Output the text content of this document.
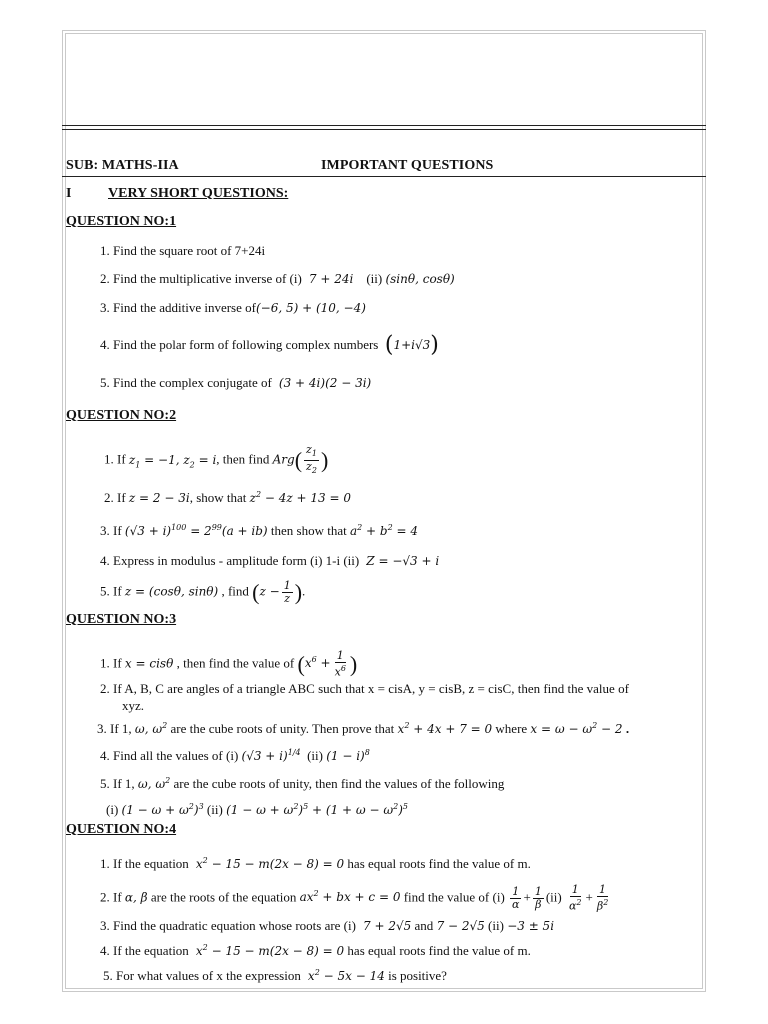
SUB: MATHS-IIA	IMPORTANT QUESTIONS
I	VERY SHORT QUESTIONS:
QUESTION NO:1
1. Find the square root of 7+24i
2. Find the multiplicative inverse of (i)  7 + 24i    (ii) (sinθ, cosθ)
3. Find the additive inverse of(−6, 5) + (10, −4)
4. Find the polar form of following complex numbers (1+i√3)
5. Find the complex conjugate of  (3 + 4i)(2 − 3i)
QUESTION NO:2
1. If $z_1 = -1$, $z_2 = i$, then find $Arg( \frac{z_1}{z_2}$ )
2. If z = 2 − 3i, show that $z^2 - 4z + 13 = 0$
3. If $(√3 + i)^{100} = 2^{99}(a + ib)$ then show that $a^2 + b^2 = 4$
4. Express in modulus - amplitude form (i) 1-i (ii)  Z = −√3 + i
5. If z = (cosθ, sinθ) , find ($z - \frac{1}{z}$ ).
QUESTION NO:3
1. If x = cisθ , then find the value of ($x^6 + \frac{1}{x^6}$ )
2. If A, B, C are angles of a triangle ABC such that x = cisA, y = cisB, z = cisC, then find the value of
xyz.
3. If 1, ω, $\omega^2$ are the cube roots of unity. Then prove that $x^2 + 4x + 7 = 0$ where $x = \omega - \omega^2 - 2$ .
4. Find all the values of (i) $(√3 + i)^{1/4}$  (ii) $(1 - i)^8$
5. If 1, ω, $\omega^2$ are the cube roots of unity, then find the values of the following
(i) $(1 - \omega + \omega^2)^3$ (ii) $(1 - \omega + \omega^2)^5 + (1 + \omega - \omega^2)^5$
QUESTION NO:4
1. If the equation  $x^2 - 15 - m(2x - 8) = 0$ has equal roots find the value of m.
2. If α, β are the roots of the equation $ax^2$ + bx + c = 0 find the value of $(i) \frac{1}{\alpha} + \frac{1}{\beta} (ii) \frac{1}{\alpha^2} + \frac{1}{\beta^2}$
3. Find the quadratic equation whose roots are (i)  7 + 2√5 and 7 − 2√5 (ii) −3 ± 5i
4. If the equation  $x^2 - 15 - m(2x - 8) = 0$ has equal roots find the value of m.
5. For what values of x the expression  $x^2 - 5x - 14$ is positive?
